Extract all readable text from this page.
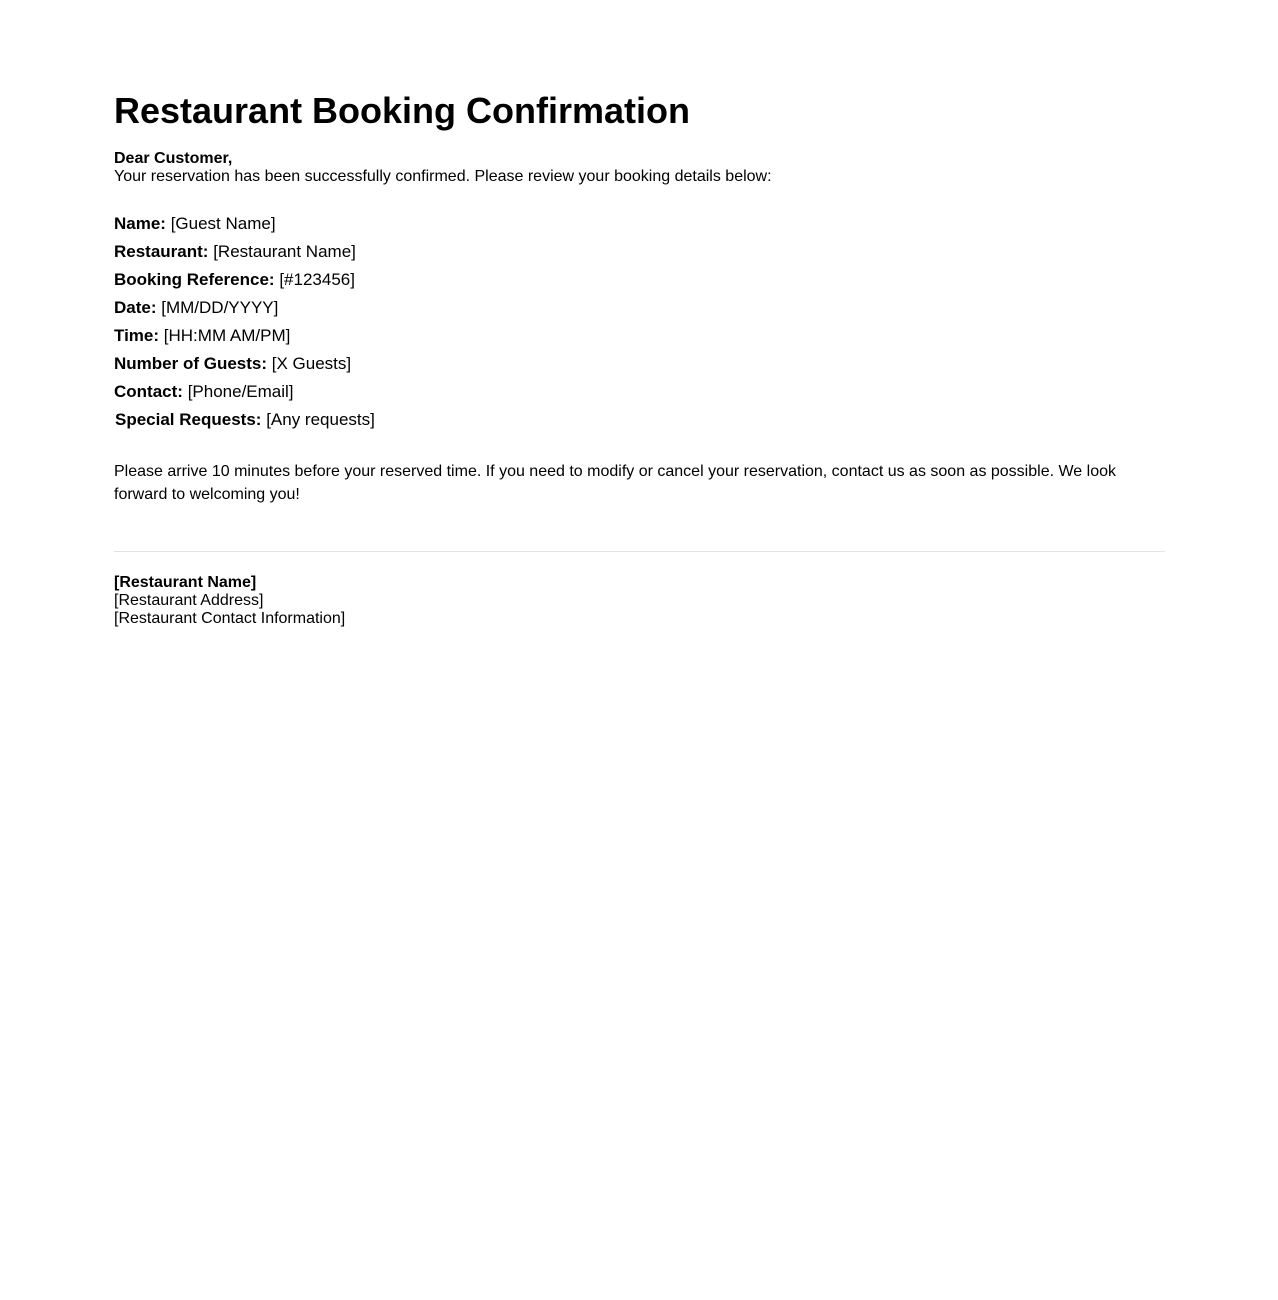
Restaurant Booking Confirmation
Dear Customer,
Your reservation has been successfully confirmed. Please review your booking details below:
Name: [Guest Name]
Restaurant: [Restaurant Name]
Booking Reference: [#123456]
Date: [MM/DD/YYYY]
Time: [HH:MM AM/PM]
Number of Guests: [X Guests]
Contact: [Phone/Email]
Special Requests: [Any requests]
Please arrive 10 minutes before your reserved time. If you need to modify or cancel your reservation, contact us as soon as possible. We look forward to welcoming you!
[Restaurant Name]
[Restaurant Address]
[Restaurant Contact Information]
